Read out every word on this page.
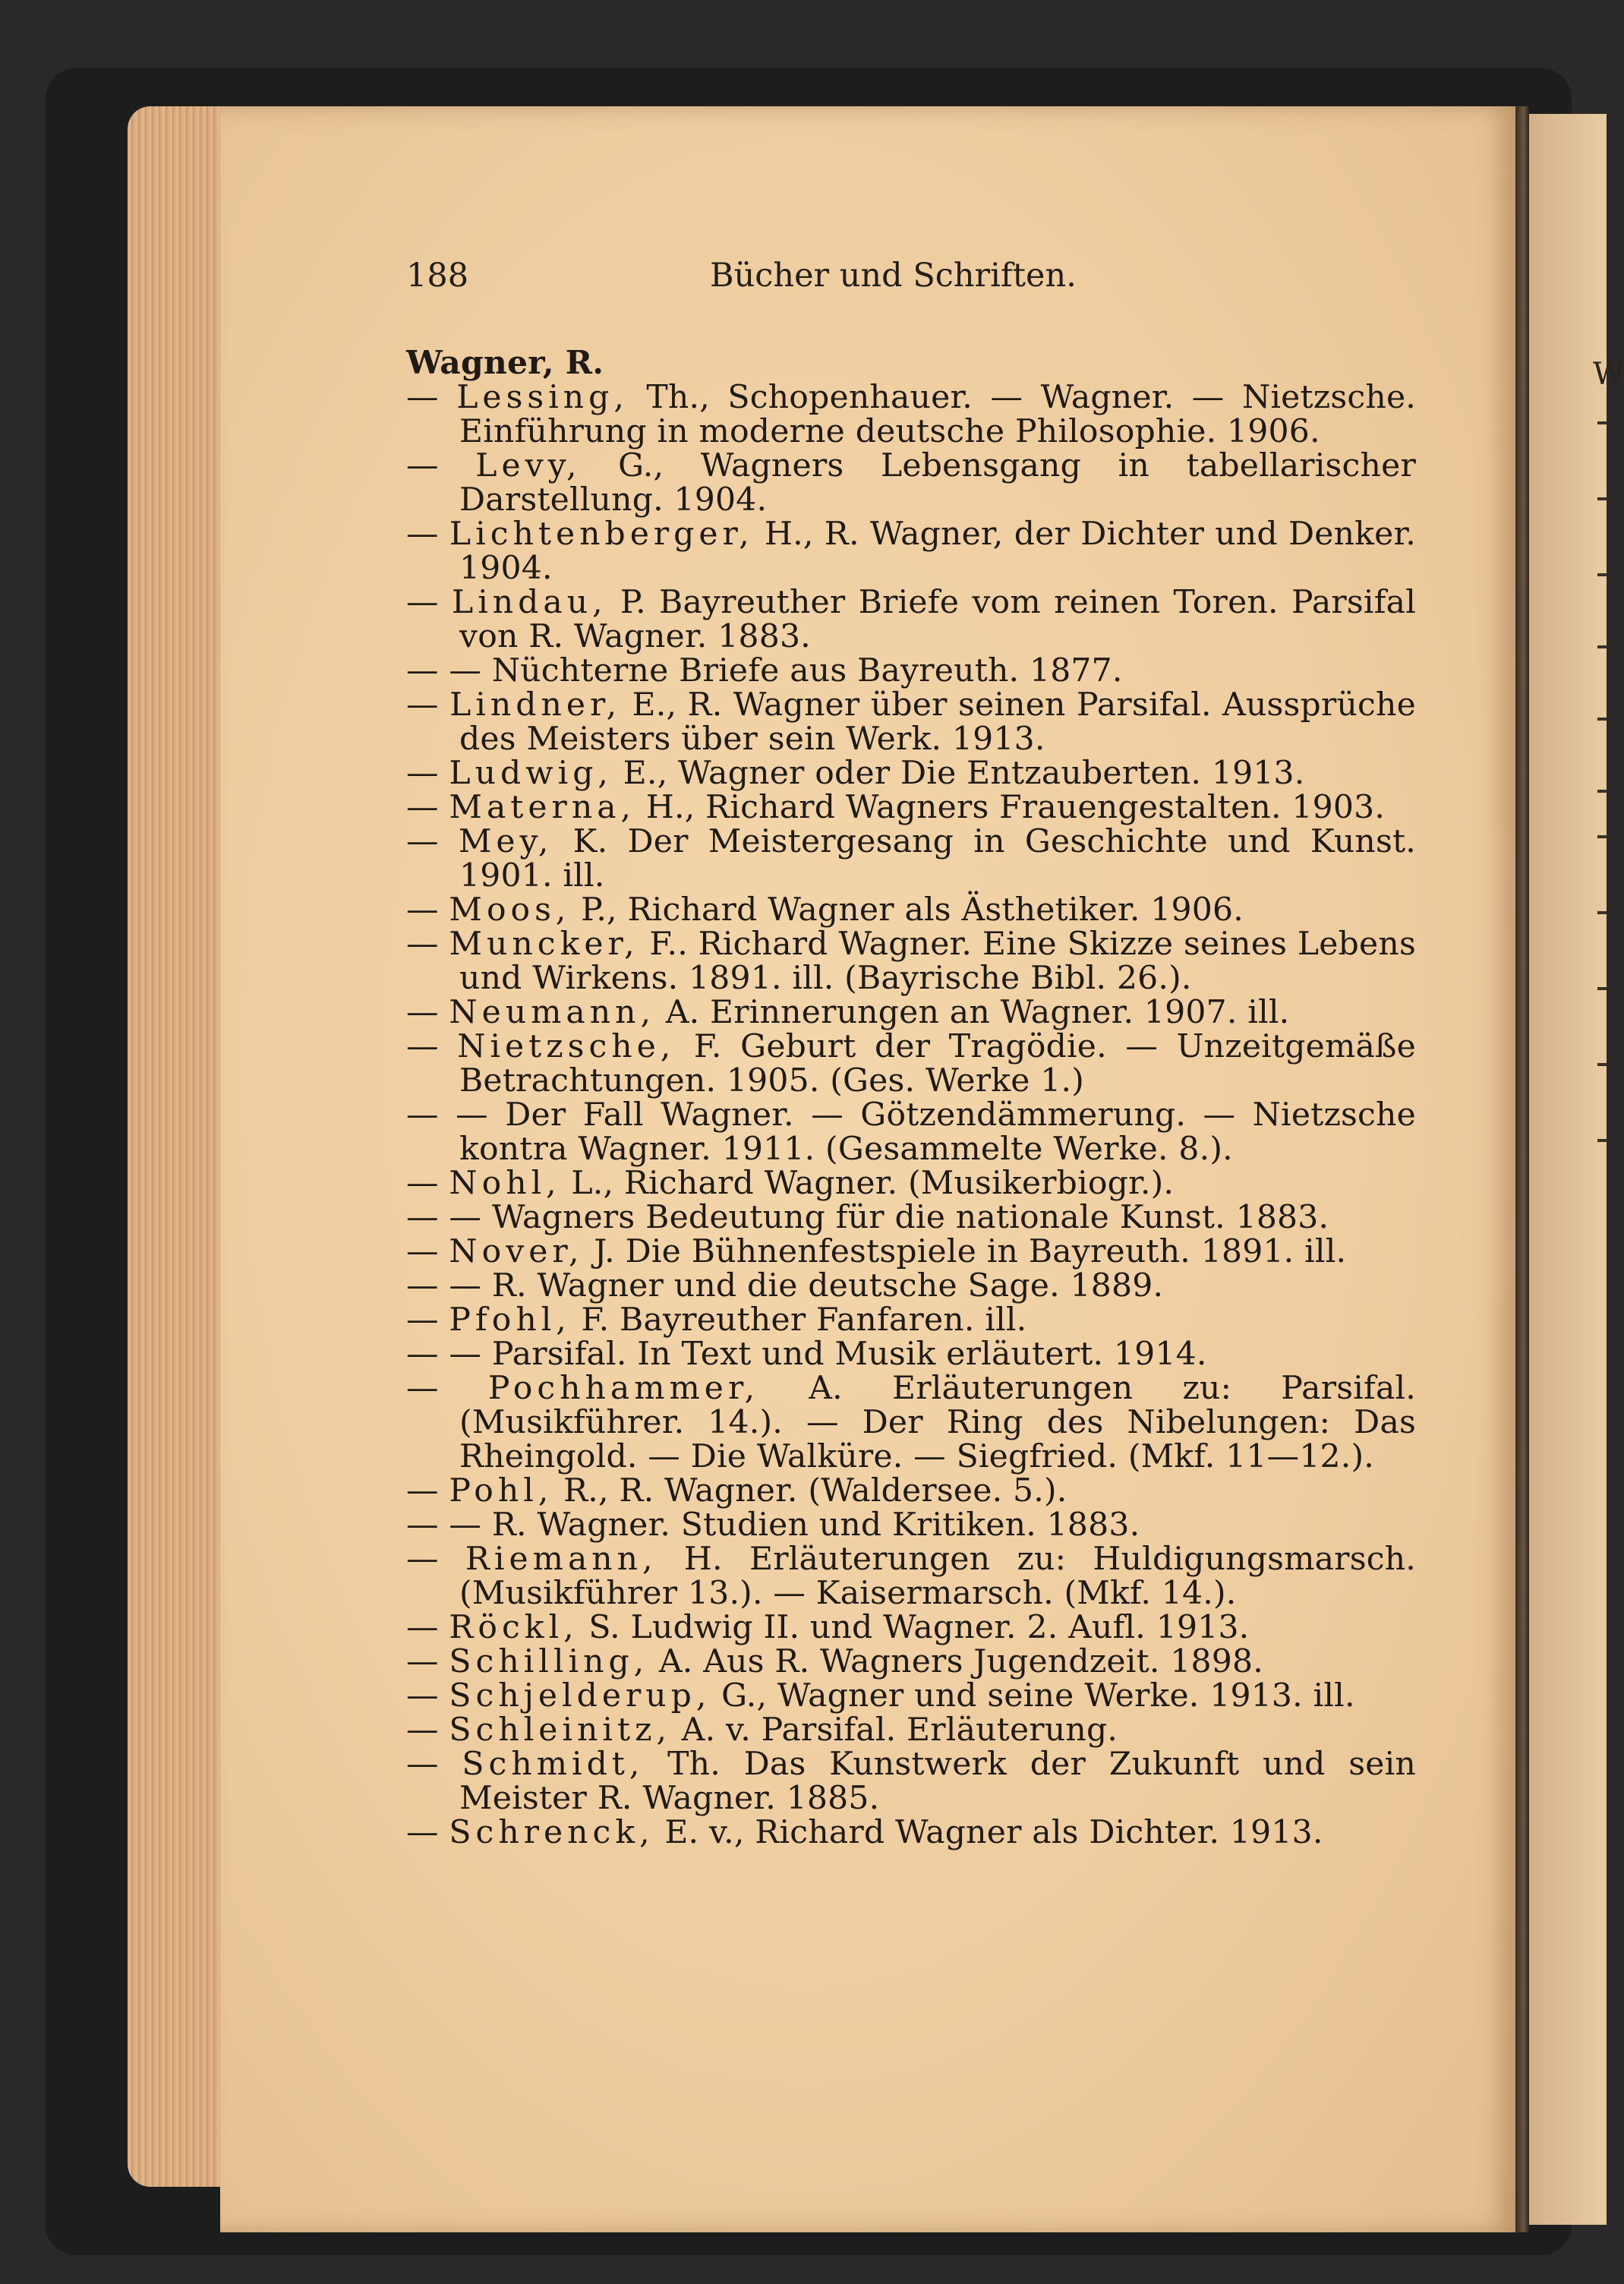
W
188	Bücher und Schriften.
Wagner, R.
— Lessing, Th., Schopenhauer. — Wagner. — Nietzsche. Einführung in moderne deutsche Philosophie. 1906.
— Levy, G., Wagners Lebensgang in tabellarischer Darstellung. 1904.
— Lichtenberger, H., R. Wagner, der Dichter und Denker. 1904.
— Lindau, P. Bayreuther Briefe vom reinen Toren. Parsifal von R. Wagner. 1883.
— — Nüchterne Briefe aus Bayreuth. 1877.
— Lindner, E., R. Wagner über seinen Parsifal. Aussprüche des Meisters über sein Werk. 1913.
— Ludwig, E., Wagner oder Die Entzauberten. 1913.
— Materna, H., Richard Wagners Frauengestalten. 1903.
— Mey, K. Der Meistergesang in Geschichte und Kunst. 1901. ill.
— Moos, P., Richard Wagner als Ästhetiker. 1906.
— Muncker, F.. Richard Wagner. Eine Skizze seines Lebens und Wirkens. 1891. ill. (Bayrische Bibl. 26.).
— Neumann, A. Erinnerungen an Wagner. 1907. ill.
— Nietzsche, F. Geburt der Tragödie. — Unzeitgemäße Betrachtungen. 1905. (Ges. Werke 1.)
— — Der Fall Wagner. — Götzendämmerung. — Nietzsche kontra Wagner. 1911. (Gesammelte Werke. 8.).
— Nohl, L., Richard Wagner. (Musikerbiogr.).
— — Wagners Bedeutung für die nationale Kunst. 1883.
— Nover, J. Die Bühnenfestspiele in Bayreuth. 1891. ill.
— — R. Wagner und die deutsche Sage. 1889.
— Pfohl, F. Bayreuther Fanfaren. ill.
— — Parsifal. In Text und Musik erläutert. 1914.
— Pochhammer, A. Erläuterungen zu: Parsifal. (Musikführer. 14.). — Der Ring des Nibelungen: Das Rheingold. — Die Walküre. — Siegfried. (Mkf. 11—12.).
— Pohl, R., R. Wagner. (Waldersee. 5.).
— — R. Wagner. Studien und Kritiken. 1883.
— Riemann, H. Erläuterungen zu: Huldigungsmarsch. (Musikführer 13.). — Kaisermarsch. (Mkf. 14.).
— Röckl, S. Ludwig II. und Wagner. 2. Aufl. 1913.
— Schilling, A. Aus R. Wagners Jugendzeit. 1898.
— Schjelderup, G., Wagner und seine Werke. 1913. ill.
— Schleinitz, A. v. Parsifal. Erläuterung.
— Schmidt, Th. Das Kunstwerk der Zukunft und sein Meister R. Wagner. 1885.
— Schrenck, E. v., Richard Wagner als Dichter. 1913.
